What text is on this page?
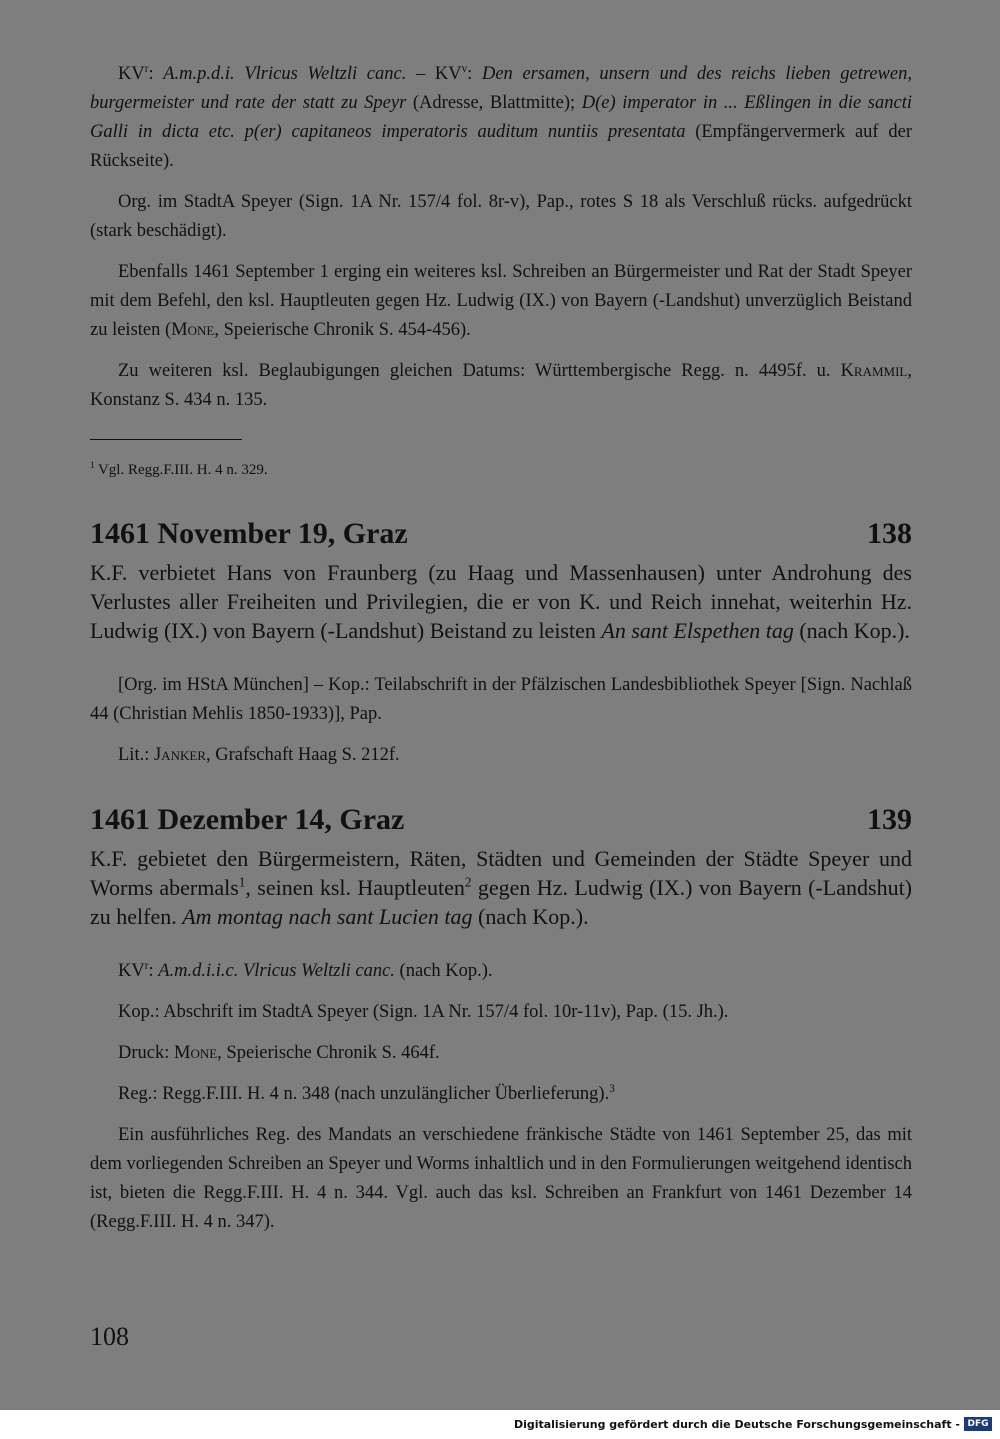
$KV^r$: A.m.p.d.i. Vlricus Weltzli canc. – $KV^v$: Den ersamen, unsern und des reichs lieben getrewen, burgermeister und rate der statt zu Speyr (Adresse, Blattmitte); D(e) imperator in ... Eßlingen in die sancti Galli in dicta etc. p(er) capitaneos imperatoris auditum nuntiis presentata (Empfängervermerk auf der Rückseite).

Org. im StadtA Speyer (Sign. 1A Nr. 157/4 fol. 8r-v), Pap., rotes S 18 als Verschluß rücks. aufgedrückt (stark beschädigt).

Ebenfalls 1461 September 1 erging ein weiteres ksl. Schreiben an Bürgermeister und Rat der Stadt Speyer mit dem Befehl, den ksl. Hauptleuten gegen Hz. Ludwig (IX.) von Bayern (-Landshut) unverzüglich Beistand zu leisten (Mone, Speierische Chronik S. 454-456).

Zu weiteren ksl. Beglaubigungen gleichen Datums: Württembergische Regg. n. 4495f. u. Krammil, Konstanz S. 434 n. 135.

$^1$ Vgl. Regg.F.III. H. 4 n. 329.

1461 November 19, Graz	138

K.F. verbietet Hans von Fraunberg (zu Haag und Massenhausen) unter Androhung des Verlustes aller Freiheiten und Privilegien, die er von K. und Reich innehat, weiterhin Hz. Ludwig (IX.) von Bayern (-Landshut) Beistand zu leisten An sant Elspethen tag (nach Kop.).

[Org. im HStA München] – Kop.: Teilabschrift in der Pfälzischen Landesbibliothek Speyer [Sign. Nachlaß 44 (Christian Mehlis 1850-1933)], Pap.

Lit.: Janker, Grafschaft Haag S. 212f.

1461 Dezember 14, Graz	139

K.F. gebietet den Bürgermeistern, Räten, Städten und Gemeinden der Städte Speyer und Worms abermals$^1$, seinen ksl. Hauptleuten$^2$ gegen Hz. Ludwig (IX.) von Bayern (-Landshut) zu helfen. Am montag nach sant Lucien tag (nach Kop.).

$KV^r$: A.m.d.i.i.c. Vlricus Weltzli canc. (nach Kop.).

Kop.: Abschrift im StadtA Speyer (Sign. 1A Nr. 157/4 fol. 10r-11v), Pap. (15. Jh.).

Druck: Mone, Speierische Chronik S. 464f.

Reg.: Regg.F.III. H. 4 n. 348 (nach unzulänglicher Überlieferung).$^3$

Ein ausführliches Reg. des Mandats an verschiedene fränkische Städte von 1461 September 25, das mit dem vorliegenden Schreiben an Speyer und Worms inhaltlich und in den Formulierungen weitgehend identisch ist, bieten die Regg.F.III. H. 4 n. 344. Vgl. auch das ksl. Schreiben an Frankfurt von 1461 Dezember 14 (Regg.F.III. H. 4 n. 347).

108
Digitalisierung gefördert durch die Deutsche Forschungsgemeinschaft - DFG
